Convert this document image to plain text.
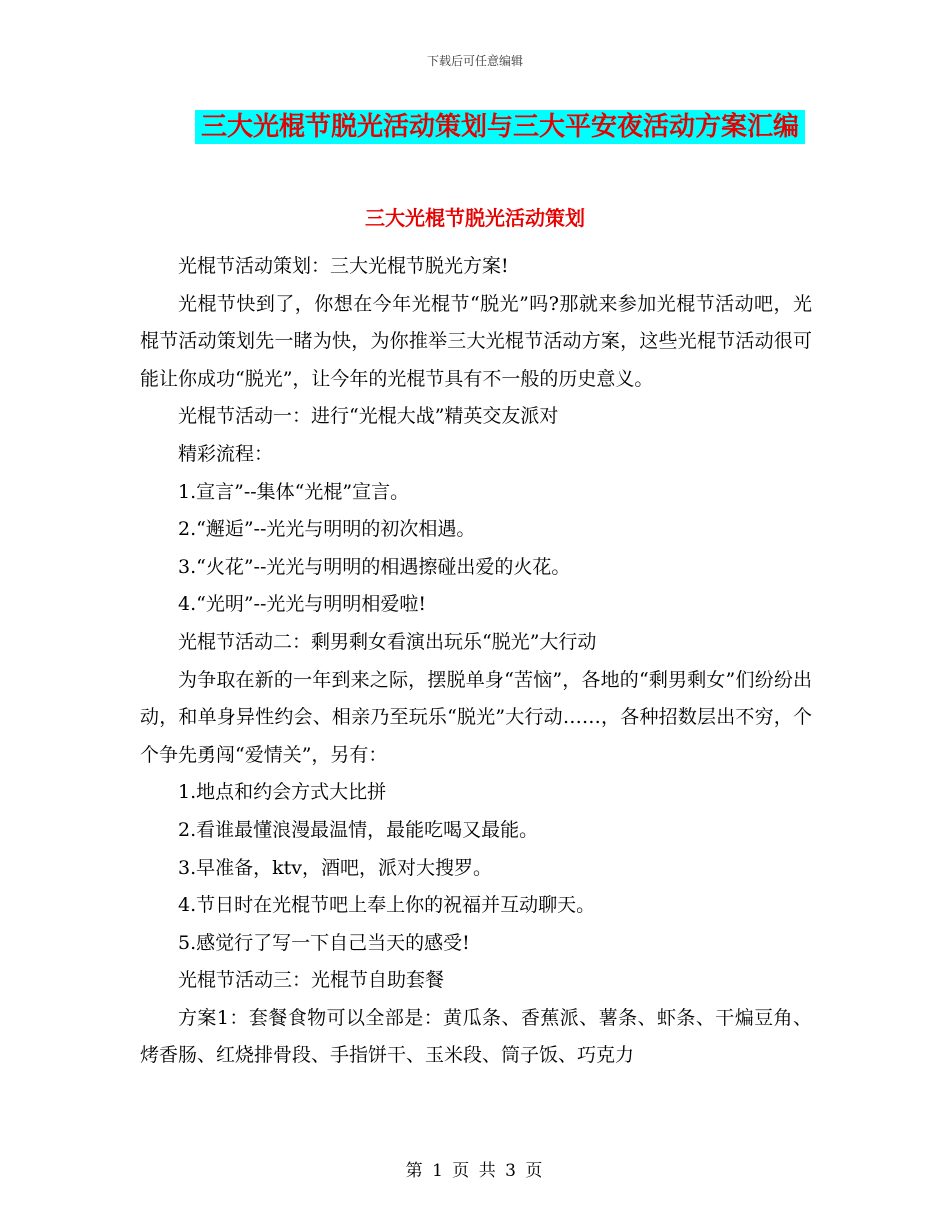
下载后可任意编辑
三大光棍节脱光活动策划与三大平安夜活动方案汇编
三大光棍节脱光活动策划

光棍节活动策划：三大光棍节脱光方案!

光棍节快到了，你想在今年光棍节“脱光”吗?那就来参加光棍节活动吧，光棍节活动策划先一睹为快，为你推举三大光棍节活动方案，这些光棍节活动很可能让你成功“脱光”，让今年的光棍节具有不一般的历史意义。

光棍节活动一：进行“光棍大战”精英交友派对

精彩流程：

1.宣言”--集体“光棍”宣言。

2.“邂逅”--光光与明明的初次相遇。

3.“火花”--光光与明明的相遇擦碰出爱的火花。

4.“光明”--光光与明明相爱啦!

光棍节活动二：剩男剩女看演出玩乐“脱光”大行动

为争取在新的一年到来之际，摆脱单身“苦恼”，各地的“剩男剩女”们纷纷出动，和单身异性约会、相亲乃至玩乐“脱光”大行动……，各种招数层出不穷，个个争先勇闯“爱情关”，另有：

1.地点和约会方式大比拼

2.看谁最懂浪漫最温情，最能吃喝又最能。

3.早准备，ktv，酒吧，派对大搜罗。

4.节日时在光棍节吧上奉上你的祝福并互动聊天。

5.感觉行了写一下自己当天的感受!

光棍节活动三：光棍节自助套餐

方案1：套餐食物可以全部是：黄瓜条、香蕉派、薯条、虾条、干煸豆角、烤香肠、红烧排骨段、手指饼干、玉米段、筒子饭、巧克力

第 1 页 共 3 页
